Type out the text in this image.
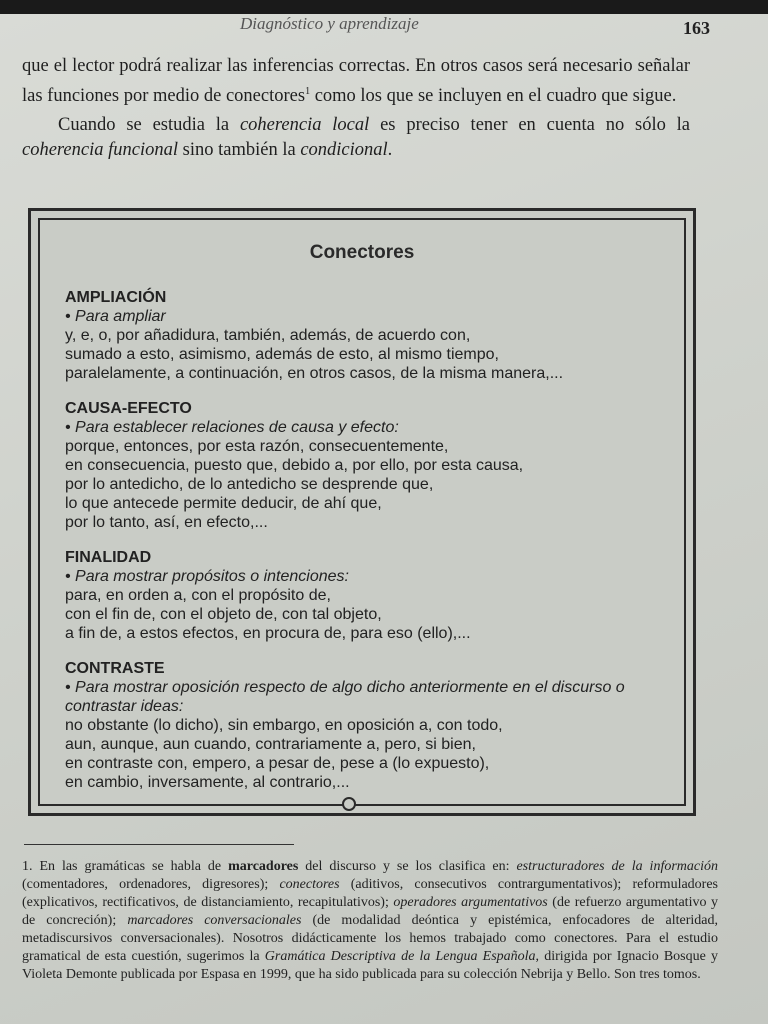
Diagnóstico y aprendizaje	163

que el lector podrá realizar las inferencias correctas. En otros casos será necesario señalar las funciones por medio de conectores$^1$ como los que se incluyen en el cuadro que sigue.

Cuando se estudia la coherencia local es preciso tener en cuenta no sólo la coherencia funcional sino también la condicional.

Conectores
AMPLIACIÓN
• Para ampliar
y, e, o, por añadidura, también, además, de acuerdo con,
sumado a esto, asimismo, además de esto, al mismo tiempo,
paralelamente, a continuación, en otros casos, de la misma manera,...
CAUSA-EFECTO
• Para establecer relaciones de causa y efecto:
porque, entonces, por esta razón, consecuentemente,
en consecuencia, puesto que, debido a, por ello, por esta causa,
por lo antedicho, de lo antedicho se desprende que,
lo que antecede permite deducir, de ahí que,
por lo tanto, así, en efecto,...
FINALIDAD
• Para mostrar propósitos o intenciones:
para, en orden a, con el propósito de,
con el fin de, con el objeto de, con tal objeto,
a fin de, a estos efectos, en procura de, para eso (ello),...
CONTRASTE
• Para mostrar oposición respecto de algo dicho anteriormente en el discurso o contrastar ideas:
no obstante (lo dicho), sin embargo, en oposición a, con todo,
aun, aunque, aun cuando, contrariamente a, pero, si bien,
en contraste con, empero, a pesar de, pese a (lo expuesto),
en cambio, inversamente, al contrario,...
1. En las gramáticas se habla de marcadores del discurso y se los clasifica en: estructuradores de la información (comentadores, ordenadores, digresores); conectores (aditivos, consecutivos contrargumentativos); reformuladores (explicativos, rectificativos, de distanciamiento, recapitulativos); operadores argumentativos (de refuerzo argumentativo y de concreción); marcadores conversacionales (de modalidad deóntica y epistémica, enfocadores de alteridad, metadiscursivos conversacionales). Nosotros didácticamente los hemos trabajado como conectores. Para el estudio gramatical de esta cuestión, sugerimos la Gramática Descriptiva de la Lengua Española, dirigida por Ignacio Bosque y Violeta Demonte publicada por Espasa en 1999, que ha sido publicada para su colección Nebrija y Bello. Son tres tomos.
